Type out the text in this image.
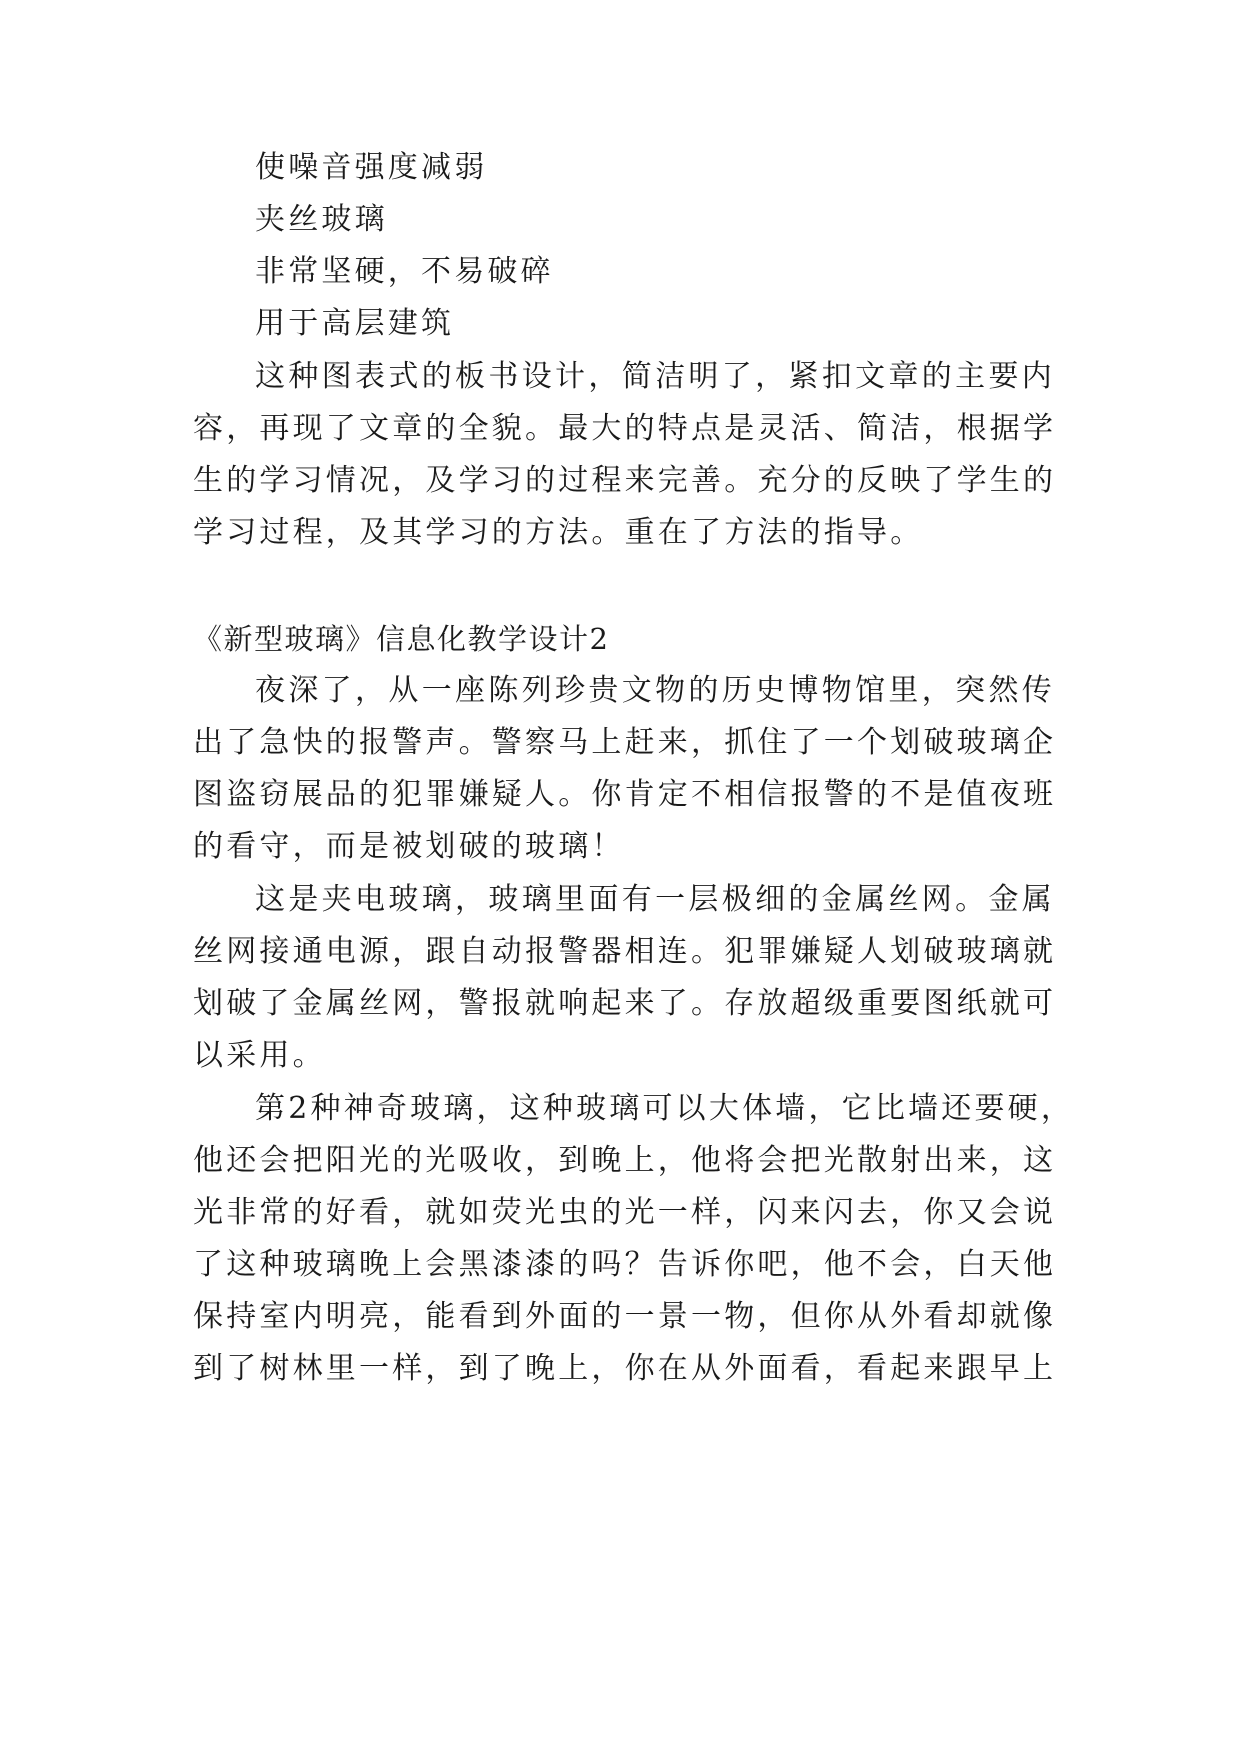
使噪音强度减弱
夹丝玻璃
非常坚硬，不易破碎
用于高层建筑
这种图表式的板书设计，简洁明了，紧扣文章的主要内
容，再现了文章的全貌。最大的特点是灵活、简洁，根据学
生的学习情况，及学习的过程来完善。充分的反映了学生的
学习过程，及其学习的方法。重在了方法的指导。
《新型玻璃》信息化教学设计2
夜深了，从一座陈列珍贵文物的历史博物馆里，突然传
出了急快的报警声。警察马上赶来，抓住了一个划破玻璃企
图盗窃展品的犯罪嫌疑人。你肯定不相信报警的不是值夜班
的看守，而是被划破的玻璃！
这是夹电玻璃，玻璃里面有一层极细的金属丝网。金属
丝网接通电源，跟自动报警器相连。犯罪嫌疑人划破玻璃就
划破了金属丝网，警报就响起来了。存放超级重要图纸就可
以采用。
第2种神奇玻璃，这种玻璃可以大体墙，它比墙还要硬，
他还会把阳光的光吸收，到晚上，他将会把光散射出来，这
光非常的好看，就如荧光虫的光一样，闪来闪去，你又会说
了这种玻璃晚上会黑漆漆的吗？告诉你吧，他不会，白天他
保持室内明亮，能看到外面的一景一物，但你从外看却就像
到了树林里一样，到了晚上，你在从外面看，看起来跟早上
